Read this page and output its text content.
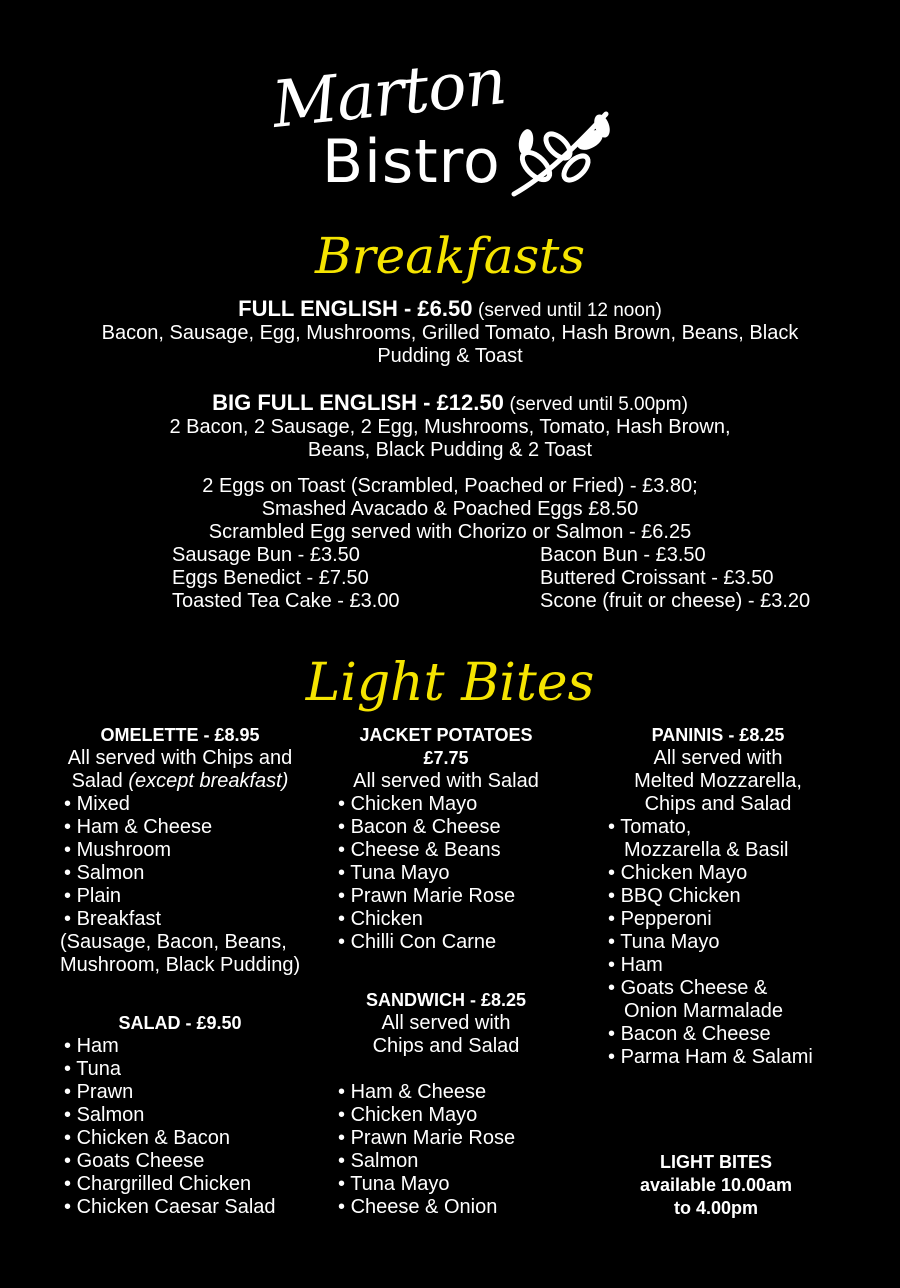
Marton
Bistro
Breakfasts
FULL ENGLISH - £6.50 (served until 12 noon)
Bacon, Sausage, Egg, Mushrooms, Grilled Tomato, Hash Brown, Beans, Black
Pudding & Toast
BIG FULL ENGLISH - £12.50 (served until 5.00pm)
2 Bacon, 2 Sausage, 2 Egg, Mushrooms, Tomato, Hash Brown,
Beans, Black Pudding & 2 Toast
2 Eggs on Toast (Scrambled, Poached or Fried) - £3.80;
Smashed Avacado & Poached Eggs £8.50
Scrambled Egg served with Chorizo or Salmon - £6.25
Sausage Bun - £3.50
Eggs Benedict - £7.50
Toasted Tea Cake - £3.00
Bacon Bun - £3.50
Buttered Croissant - £3.50
Scone (fruit or cheese) - £3.20
Light Bites
OMELETTE - £8.95
All served with Chips and
Salad (except breakfast)
• Mixed
• Ham & Cheese
• Mushroom
• Salmon
• Plain
• Breakfast
(Sausage, Bacon, Beans,
Mushroom, Black Pudding)
SALAD - £9.50
• Ham
• Tuna
• Prawn
• Salmon
• Chicken & Bacon
• Goats Cheese
• Chargrilled Chicken
• Chicken Caesar Salad
JACKET POTATOES
£7.75
All served with Salad
• Chicken Mayo
• Bacon & Cheese
• Cheese & Beans
• Tuna Mayo
• Prawn Marie Rose
• Chicken
• Chilli Con Carne
SANDWICH - £8.25
All served with
Chips and Salad
• Ham & Cheese
• Chicken Mayo
• Prawn Marie Rose
• Salmon
• Tuna Mayo
• Cheese & Onion
PANINIS - £8.25
All served with
Melted Mozzarella,
Chips and Salad
• Tomato,
Mozzarella & Basil
• Chicken Mayo
• BBQ Chicken
• Pepperoni
• Tuna Mayo
• Ham
• Goats Cheese &
Onion Marmalade
• Bacon & Cheese
• Parma Ham & Salami
LIGHT BITES
available 10.00am
to 4.00pm
